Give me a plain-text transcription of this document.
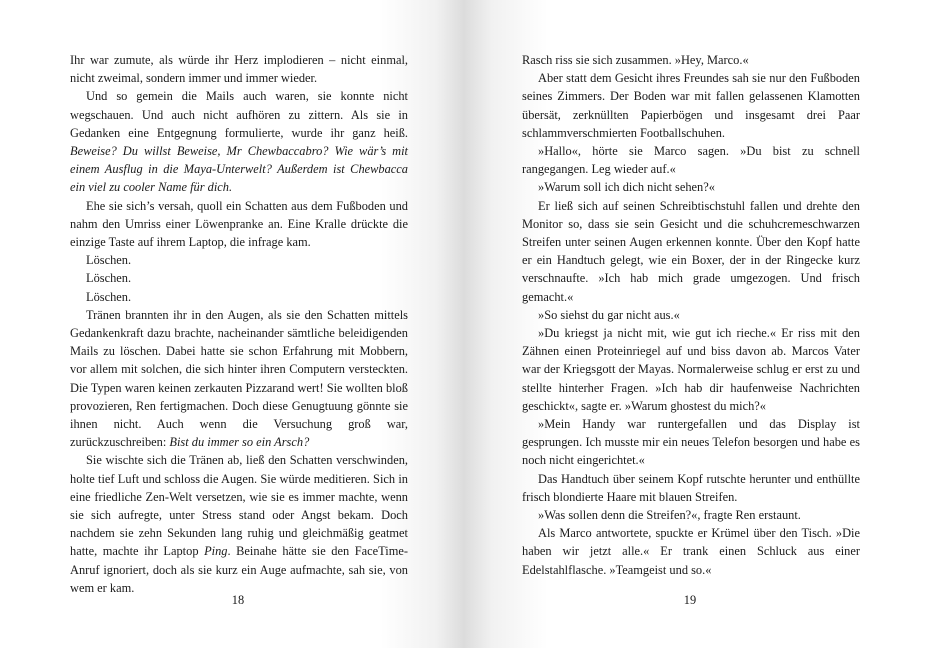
Ihr war zumute, als würde ihr Herz implodieren – nicht einmal, nicht zweimal, sondern immer und immer wieder.

Und so gemein die Mails auch waren, sie konnte nicht wegschauen. Und auch nicht aufhören zu zittern. Als sie in Gedanken eine Entgegnung formulierte, wurde ihr ganz heiß. Beweise? Du willst Beweise, Mr Chewbaccabro? Wie wär’s mit einem Ausflug in die Maya-Unterwelt? Außerdem ist Chewbacca ein viel zu cooler Name für dich.

Ehe sie sich’s versah, quoll ein Schatten aus dem Fußboden und nahm den Umriss einer Löwenpranke an. Eine Kralle drückte die einzige Taste auf ihrem Laptop, die infrage kam.

Löschen.

Löschen.

Löschen.

Tränen brannten ihr in den Augen, als sie den Schatten mittels Gedankenkraft dazu brachte, nacheinander sämtliche beleidigenden Mails zu löschen. Dabei hatte sie schon Erfahrung mit Mobbern, vor allem mit solchen, die sich hinter ihren Computern versteckten. Die Typen waren keinen zerkauten Pizzarand wert! Sie wollten bloß provozieren, Ren fertigmachen. Doch diese Genugtuung gönnte sie ihnen nicht. Auch wenn die Versuchung groß war, zurückzuschreiben: Bist du immer so ein Arsch?

Sie wischte sich die Tränen ab, ließ den Schatten verschwinden, holte tief Luft und schloss die Augen. Sie würde meditieren. Sich in eine friedliche Zen-Welt versetzen, wie sie es immer machte, wenn sie sich aufregte, unter Stress stand oder Angst bekam. Doch nachdem sie zehn Sekunden lang ruhig und gleichmäßig geatmet hatte, machte ihr Laptop Ping. Beinahe hätte sie den FaceTime-Anruf ignoriert, doch als sie kurz ein Auge aufmachte, sah sie, von wem er kam.

18

Rasch riss sie sich zusammen. »Hey, Marco.«

Aber statt dem Gesicht ihres Freundes sah sie nur den Fußboden seines Zimmers. Der Boden war mit fallen gelassenen Klamotten übersät, zerknüllten Papierbögen und insgesamt drei Paar schlammverschmierten Footballschuhen.

»Hallo«, hörte sie Marco sagen. »Du bist zu schnell rangegangen. Leg wieder auf.«

»Warum soll ich dich nicht sehen?«

Er ließ sich auf seinen Schreibtischstuhl fallen und drehte den Monitor so, dass sie sein Gesicht und die schuhcremeschwarzen Streifen unter seinen Augen erkennen konnte. Über den Kopf hatte er ein Handtuch gelegt, wie ein Boxer, der in der Ringecke kurz verschnaufte. »Ich hab mich grade umgezogen. Und frisch gemacht.«

»So siehst du gar nicht aus.«

»Du kriegst ja nicht mit, wie gut ich rieche.« Er riss mit den Zähnen einen Proteinriegel auf und biss davon ab. Marcos Vater war der Kriegsgott der Mayas. Normalerweise schlug er erst zu und stellte hinterher Fragen. »Ich hab dir haufenweise Nachrichten geschickt«, sagte er. »Warum ghostest du mich?«

»Mein Handy war runtergefallen und das Display ist gesprungen. Ich musste mir ein neues Telefon besorgen und habe es noch nicht eingerichtet.«

Das Handtuch über seinem Kopf rutschte herunter und enthüllte frisch blondierte Haare mit blauen Streifen.

»Was sollen denn die Streifen?«, fragte Ren erstaunt.

Als Marco antwortete, spuckte er Krümel über den Tisch. »Die haben wir jetzt alle.« Er trank einen Schluck aus einer Edelstahlflasche. »Teamgeist und so.«

19
